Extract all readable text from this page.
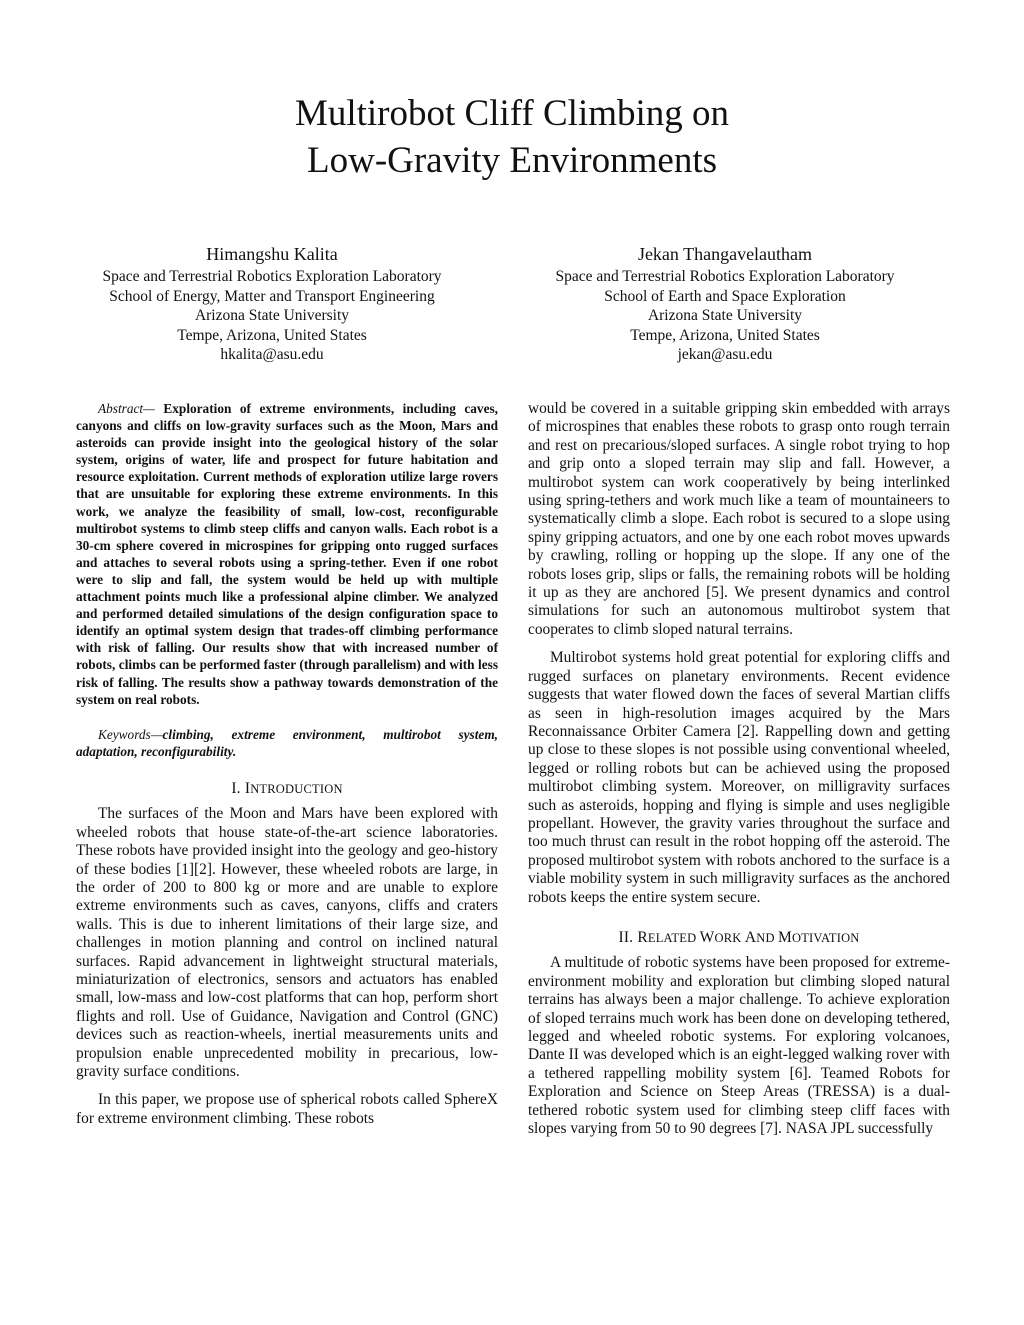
Multirobot Cliff Climbing on
Low-Gravity Environments
Himangshu Kalita
Space and Terrestrial Robotics Exploration Laboratory
School of Energy, Matter and Transport Engineering
Arizona State University
Tempe, Arizona, United States
hkalita@asu.edu
Jekan Thangavelautham
Space and Terrestrial Robotics Exploration Laboratory
School of Earth and Space Exploration
Arizona State University
Tempe, Arizona, United States
jekan@asu.edu

Abstract— Exploration of extreme environments, including caves, canyons and cliffs on low-gravity surfaces such as the Moon, Mars and asteroids can provide insight into the geological history of the solar system, origins of water, life and prospect for future habitation and resource exploitation. Current methods of exploration utilize large rovers that are unsuitable for exploring these extreme environments. In this work, we analyze the feasibility of small, low-cost, reconfigurable multirobot systems to climb steep cliffs and canyon walls. Each robot is a 30-cm sphere covered in microspines for gripping onto rugged surfaces and attaches to several robots using a spring-tether. Even if one robot were to slip and fall, the system would be held up with multiple attachment points much like a professional alpine climber. We analyzed and performed detailed simulations of the design configuration space to identify an optimal system design that trades-off climbing performance with risk of falling. Our results show that with increased number of robots, climbs can be performed faster (through parallelism) and with less risk of falling. The results show a pathway towards demonstration of the system on real robots.

Keywords—climbing, extreme environment, multirobot system, adaptation, reconfigurability.

I. INTRODUCTION

The surfaces of the Moon and Mars have been explored with wheeled robots that house state-of-the-art science laboratories. These robots have provided insight into the geology and geo-history of these bodies [1][2]. However, these wheeled robots are large, in the order of 200 to 800 kg or more and are unable to explore extreme environments such as caves, canyons, cliffs and craters walls. This is due to inherent limitations of their large size, and challenges in motion planning and control on inclined natural surfaces. Rapid advancement in lightweight structural materials, miniaturization of electronics, sensors and actuators has enabled small, low-mass and low-cost platforms that can hop, perform short flights and roll. Use of Guidance, Navigation and Control (GNC) devices such as reaction-wheels, inertial measurements units and propulsion enable unprecedented mobility in precarious, low-gravity surface conditions.

In this paper, we propose use of spherical robots called SphereX for extreme environment climbing. These robots

would be covered in a suitable gripping skin embedded with arrays of microspines that enables these robots to grasp onto rough terrain and rest on precarious/sloped surfaces. A single robot trying to hop and grip onto a sloped terrain may slip and fall. However, a multirobot system can work cooperatively by being interlinked using spring-tethers and work much like a team of mountaineers to systematically climb a slope. Each robot is secured to a slope using spiny gripping actuators, and one by one each robot moves upwards by crawling, rolling or hopping up the slope. If any one of the robots loses grip, slips or falls, the remaining robots will be holding it up as they are anchored [5]. We present dynamics and control simulations for such an autonomous multirobot system that cooperates to climb sloped natural terrains.

Multirobot systems hold great potential for exploring cliffs and rugged surfaces on planetary environments. Recent evidence suggests that water flowed down the faces of several Martian cliffs as seen in high-resolution images acquired by the Mars Reconnaissance Orbiter Camera [2]. Rappelling down and getting up close to these slopes is not possible using conventional wheeled, legged or rolling robots but can be achieved using the proposed multirobot climbing system. Moreover, on milligravity surfaces such as asteroids, hopping and flying is simple and uses negligible propellant. However, the gravity varies throughout the surface and too much thrust can result in the robot hopping off the asteroid. The proposed multirobot system with robots anchored to the surface is a viable mobility system in such milligravity surfaces as the anchored robots keeps the entire system secure.

II. RELATED WORK AND MOTIVATION

A multitude of robotic systems have been proposed for extreme-environment mobility and exploration but climbing sloped natural terrains has always been a major challenge. To achieve exploration of sloped terrains much work has been done on developing tethered, legged and wheeled robotic systems. For exploring volcanoes, Dante II was developed which is an eight-legged walking rover with a tethered rappelling mobility system [6]. Teamed Robots for Exploration and Science on Steep Areas (TRESSA) is a dual-tethered robotic system used for climbing steep cliff faces with slopes varying from 50 to 90 degrees [7]. NASA JPL successfully
